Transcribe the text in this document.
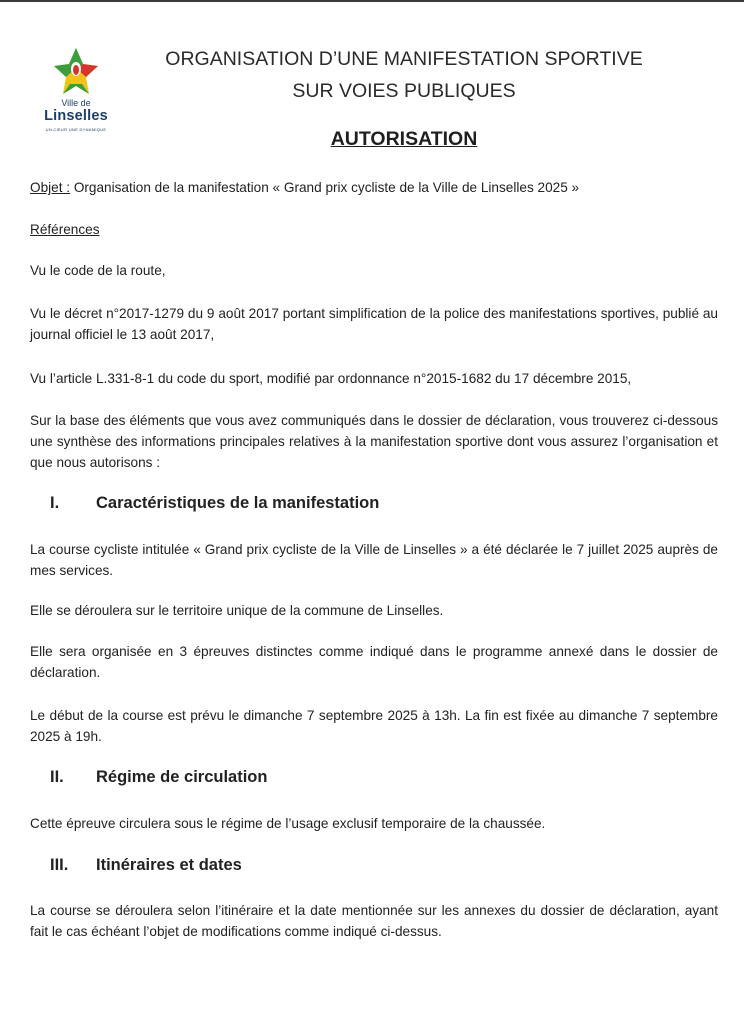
Ville de
Linselles
UN CŒUR UNE DYNAMIQUE
ORGANISATION D’UNE MANIFESTATION SPORTIVE
SUR VOIES PUBLIQUES
AUTORISATION

Objet : Organisation de la manifestation « Grand prix cycliste de la Ville de Linselles 2025 »

Références

Vu le code de la route,

Vu le décret n°2017-1279 du 9 août 2017 portant simplification de la police des manifestations sportives, publié au journal officiel le 13 août 2017,

Vu l’article L.331-8-1 du code du sport, modifié par ordonnance n°2015-1682 du 17 décembre 2015,

Sur la base des éléments que vous avez communiqués dans le dossier de déclaration, vous trouverez ci-dessous une synthèse des informations principales relatives à la manifestation sportive dont vous assurez l’organisation et que nous autorisons :

I. Caractéristiques de la manifestation

La course cycliste intitulée « Grand prix cycliste de la Ville de Linselles » a été déclarée le 7 juillet 2025 auprès de mes services.

Elle se déroulera sur le territoire unique de la commune de Linselles.

Elle sera organisée en 3 épreuves distinctes comme indiqué dans le programme annexé dans le dossier de déclaration.

Le début de la course est prévu le dimanche 7 septembre 2025 à 13h. La fin est fixée au dimanche 7 septembre 2025 à 19h.

II. Régime de circulation

Cette épreuve circulera sous le régime de l’usage exclusif temporaire de la chaussée.

III. Itinéraires et dates

La course se déroulera selon l’itinéraire et la date mentionnée sur les annexes du dossier de déclaration, ayant fait le cas échéant l’objet de modifications comme indiqué ci-dessus.
